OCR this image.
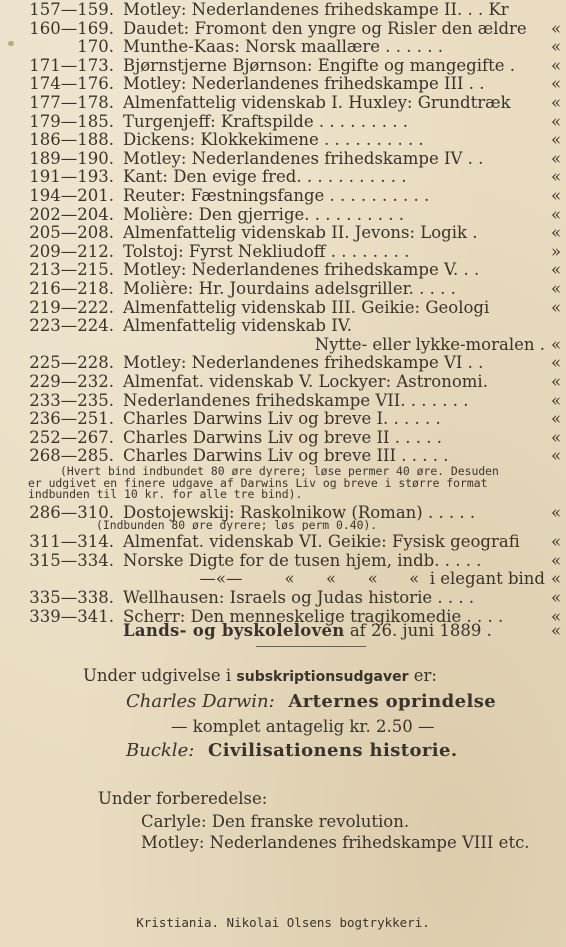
157—159. Motley: Nederlandenes frihedskampe II. . . Kr
160—169. Daudet: Fromont den yngre og Risler den ældre	«
170. Munthe-Kaas: Norsk maallære . . . . . .	«
171—173. Bjørnstjerne Bjørnson: Engifte og mangegifte .	«
174—176. Motley: Nederlandenes frihedskampe III . .	«
177—178. Almenfattelig videnskab I. Huxley: Grundtræk	«
179—185. Turgenjeff: Kraftspilde . . . . . . . . .	«
186—188. Dickens: Klokkekimene . . . . . . . . . .	«
189—190. Motley: Nederlandenes frihedskampe IV . .	«
191—193. Kant: Den evige fred. . . . . . . . . . .	«
194—201. Reuter: Fæstningsfange . . . . . . . . . .	«
202—204. Molière: Den gjerrige. . . . . . . . . .	«
205—208. Almenfattelig videnskab II. Jevons: Logik .	«
209—212. Tolstoj: Fyrst Nekliudoff . . . . . . . .	»
213—215. Motley: Nederlandenes frihedskampe V. . .	«
216—218. Molière: Hr. Jourdains adelsgriller. . . . .	«
219—222. Almenfattelig videnskab III. Geikie: Geologi	«
223—224. Almenfattelig videnskab IV.
Nytte- eller lykke-moralen . «
225—228. Motley: Nederlandenes frihedskampe VI . .	«
229—232. Almenfat. videnskab V. Lockyer: Astronomi.	«
233—235. Nederlandenes frihedskampe VII. . . . . . .	«
236—251. Charles Darwins Liv og breve I. . . . . .	«
252—267. Charles Darwins Liv og breve II . . . . .	«
268—285. Charles Darwins Liv og breve III . . . . .	«
(Hvert bind indbundet 80 øre dyrere; løse permer 40 øre. Desuden
er udgivet en finere udgave af Darwins Liv og breve i større format
indbunden til 10 kr. for alle tre bind).
286—310. Dostojewskij: Raskolnikow (Roman) . . . . .	«
(Indbunden 80 øre dyrere; løs perm 0.40).
311—314. Almenfat. videnskab VI. Geikie: Fysisk geografi	«
315—334. Norske Digte for de tusen hjem, indb. . . . .	«
—«—        «      «      «      «  i elegant bind «
335—338. Wellhausen: Israels og Judas historie . . . .	«
339—341. Scherr: Den menneskelige tragikomedie . . . .	«
Lands- og byskoleloven af 26. juni 1889 .	«
Under udgivelse i subskriptionsudgaver er:
Charles Darwin: Arternes oprindelse
— komplet antagelig kr. 2.50 —
Buckle: Civilisationens historie.
Under forberedelse:
Carlyle: Den franske revolution.
Motley: Nederlandenes frihedskampe VIII etc.
Kristiania. Nikolai Olsens bogtrykkeri.
